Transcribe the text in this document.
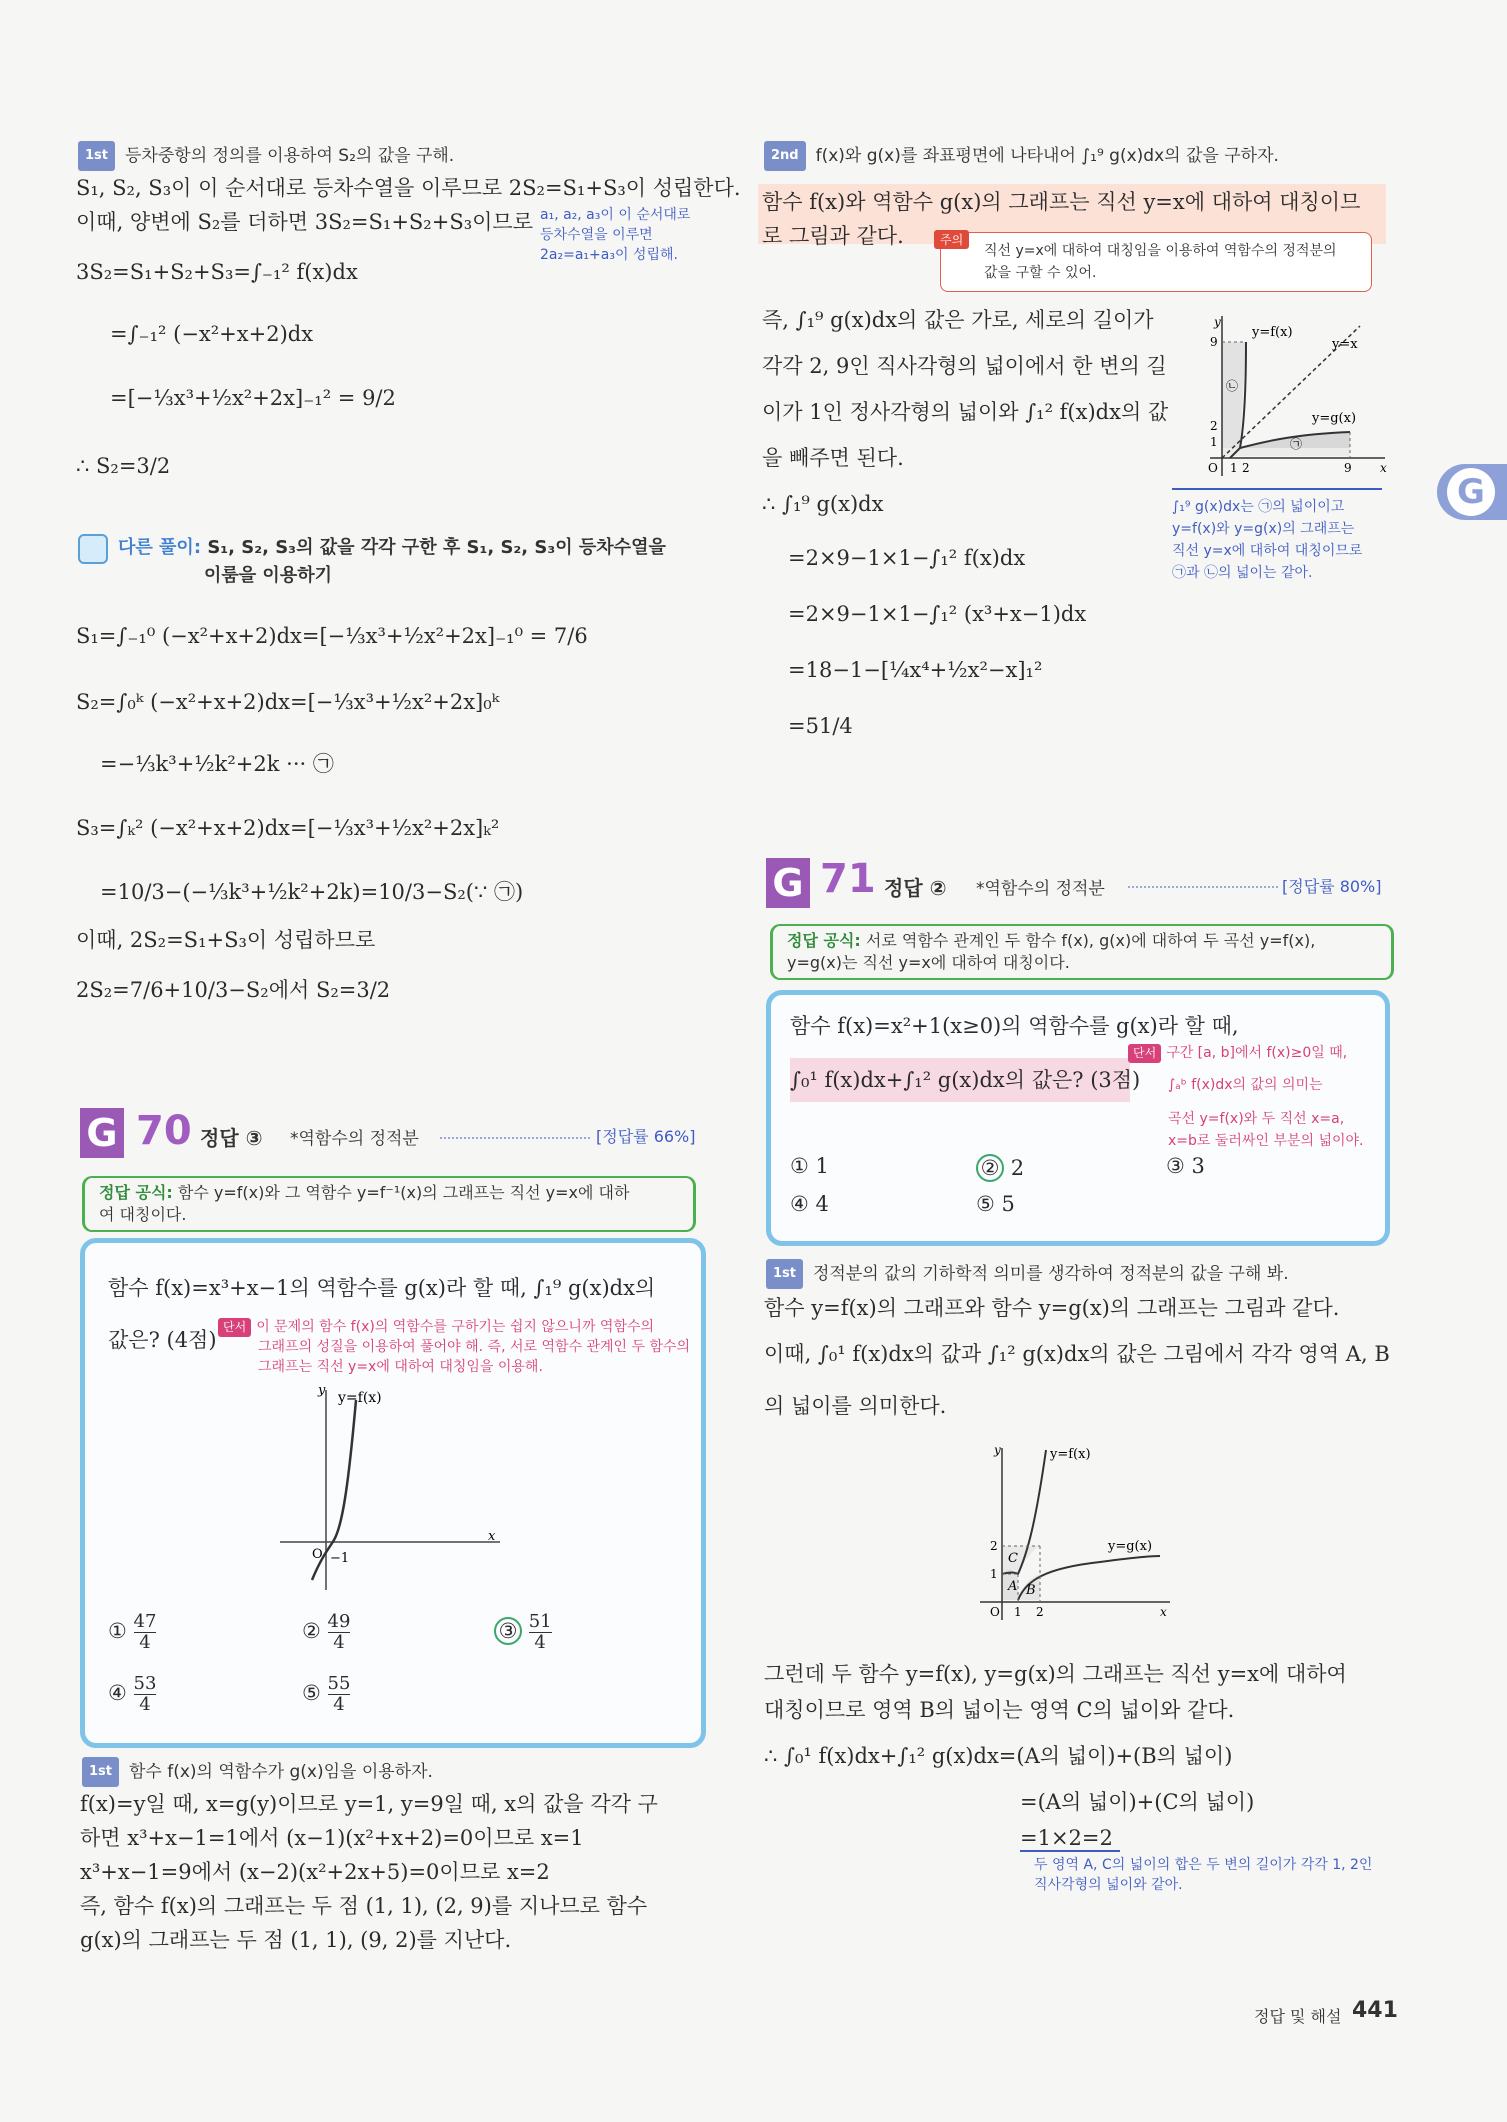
1st 등차중항의 정의를 이용하여 S₂의 값을 구해.
S₁, S₂, S₃이 이 순서대로 등차수열을 이루므로 2S₂=S₁+S₃이 성립한다.
이때, 양변에 S₂를 더하면 3S₂=S₁+S₂+S₃이므로 a₁, a₂, a₃이 이 순서대로
등차수열을 이루면
2a₂=a₁+a₃이 성립해.
3S₂=S₁+S₂+S₃=∫₋₁² f(x)dx
=∫₋₁² (−x²+x+2)dx
=[−⅓x³+½x²+2x]₋₁² = 9/2
∴ S₂=3/2
다른 풀이: S₁, S₂, S₃의 값을 각각 구한 후 S₁, S₂, S₃이 등차수열을
이룸을 이용하기
S₁=∫₋₁⁰ (−x²+x+2)dx=[−⅓x³+½x²+2x]₋₁⁰ = 7/6
S₂=∫₀ᵏ (−x²+x+2)dx=[−⅓x³+½x²+2x]₀ᵏ
=−⅓k³+½k²+2k ··· ㉠
S₃=∫ₖ² (−x²+x+2)dx=[−⅓x³+½x²+2x]ₖ²
=10/3−(−⅓k³+½k²+2k)=10/3−S₂(∵ ㉠)
이때, 2S₂=S₁+S₃이 성립하므로
2S₂=7/6+10/3−S₂에서 S₂=3/2
G 70 정답 ③ *역함수의 정적분	[정답률 66%]
정답 공식: 함수 y=f(x)와 그 역함수 y=f⁻¹(x)의 그래프는 직선 y=x에 대하
여 대칭이다.
함수 f(x)=x³+x−1의 역함수를 g(x)라 할 때, ∫₁⁹ g(x)dx의
값은? (4점)
단서 이 문제의 함수 f(x)의 역함수를 구하기는 쉽지 않으니까 역함수의
그래프의 성질을 이용하여 풀어야 해. 즉, 서로 역함수 관계인 두 함수의
그래프는 직선 y=x에 대하여 대칭임을 이용해.
y y=f(x)
x
O −1
① $\frac{47}{4}$	② $\frac{49}{4}$	③ $\frac{51}{4}$
④ $\frac{53}{4}$	⑤ $\frac{55}{4}$
1st 함수 f(x)의 역함수가 g(x)임을 이용하자.
f(x)=y일 때, x=g(y)이므로 y=1, y=9일 때, x의 값을 각각 구
하면 x³+x−1=1에서 (x−1)(x²+x+2)=0이므로 x=1
x³+x−1=9에서 (x−2)(x²+2x+5)=0이므로 x=2
즉, 함수 f(x)의 그래프는 두 점 (1, 1), (2, 9)를 지나므로 함수
g(x)의 그래프는 두 점 (1, 1), (9, 2)를 지난다.
2nd f(x)와 g(x)를 좌표평면에 나타내어 ∫₁⁹ g(x)dx의 값을 구하자.
함수 f(x)와 역함수 g(x)의 그래프는 직선 y=x에 대하여 대칭이므
로 그림과 같다.	주의
직선 y=x에 대하여 대칭임을 이용하여 역함수의 정적분의
값을 구할 수 있어.
즉, ∫₁⁹ g(x)dx의 값은 가로, 세로의 길이가
각각 2, 9인 직사각형의 넓이에서 한 변의 길
이가 1인 정사각형의 넓이와 ∫₁² f(x)dx의 값
을 빼주면 된다.
∴ ∫₁⁹ g(x)dx
=2×9−1×1−∫₁² f(x)dx
=2×9−1×1−∫₁² (x³+x−1)dx
=18−1−[¼x⁴+½x²−x]₁²
=51/4
y
y=f(x)
y=x
y=g(x)
9
2
1
O 1 2	9 x
㉠
㉡
∫₁⁹ g(x)dx는 ㉠의 넓이이고
y=f(x)와 y=g(x)의 그래프는
직선 y=x에 대하여 대칭이므로
㉠과 ㉡의 넓이는 같아.
G 71 정답 ② *역함수의 정적분	[정답률 80%]
정답 공식: 서로 역함수 관계인 두 함수 f(x), g(x)에 대하여 두 곡선 y=f(x),
y=g(x)는 직선 y=x에 대하여 대칭이다.
함수 f(x)=x²+1(x≥0)의 역함수를 g(x)라 할 때,
∫₀¹ f(x)dx+∫₁² g(x)dx의 값은? (3점)
단서 구간 [a, b]에서 f(x)≥0일 때,
∫ₐᵇ f(x)dx의 값의 의미는
곡선 y=f(x)와 두 직선 x=a,
x=b로 둘러싸인 부분의 넓이야.
① 1	② 2	③ 3
④ 4	⑤ 5
1st 정적분의 값의 기하학적 의미를 생각하여 정적분의 값을 구해 봐.
함수 y=f(x)의 그래프와 함수 y=g(x)의 그래프는 그림과 같다.
이때, ∫₀¹ f(x)dx의 값과 ∫₁² g(x)dx의 값은 그림에서 각각 영역 A, B
의 넓이를 의미한다.
y	y=f(x)
y=g(x)
2
1
O 1 2	x
A B
C
그런데 두 함수 y=f(x), y=g(x)의 그래프는 직선 y=x에 대하여
대칭이므로 영역 B의 넓이는 영역 C의 넓이와 같다.
∴ ∫₀¹ f(x)dx+∫₁² g(x)dx=(A의 넓이)+(B의 넓이)
=(A의 넓이)+(C의 넓이)
=1×2=2
두 영역 A, C의 넓이의 합은 두 변의 길이가 각각 1, 2인
직사각형의 넓이와 같아.
G
정답 및 해설 441
